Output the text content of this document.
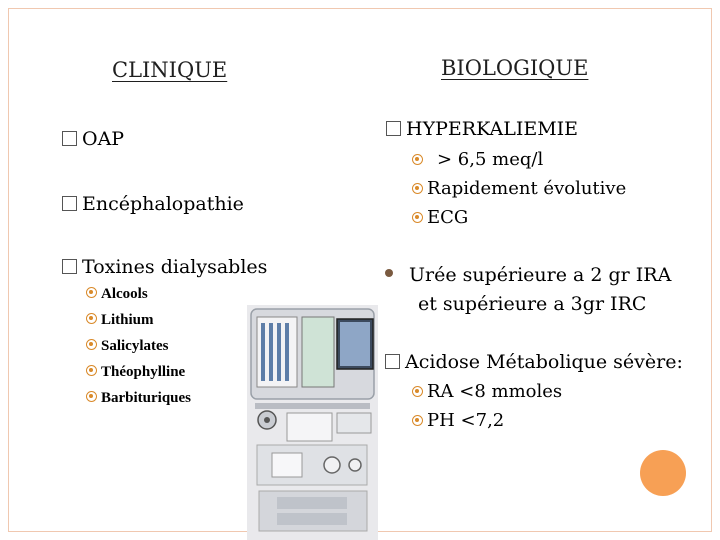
CLINIQUE
OAP
Encéphalopathie
Toxines dialysables
Alcools
Lithium
Salicylates
Théophylline
Barbituriques
BIOLOGIQUE
HYPERKALIEMIE
> 6,5 meq/l
Rapidement évolutive
ECG
Urée supérieure a 2 gr IRA
et supérieure a 3gr IRC
Acidose Métabolique sévère:
RA <8 mmoles
PH <7,2
